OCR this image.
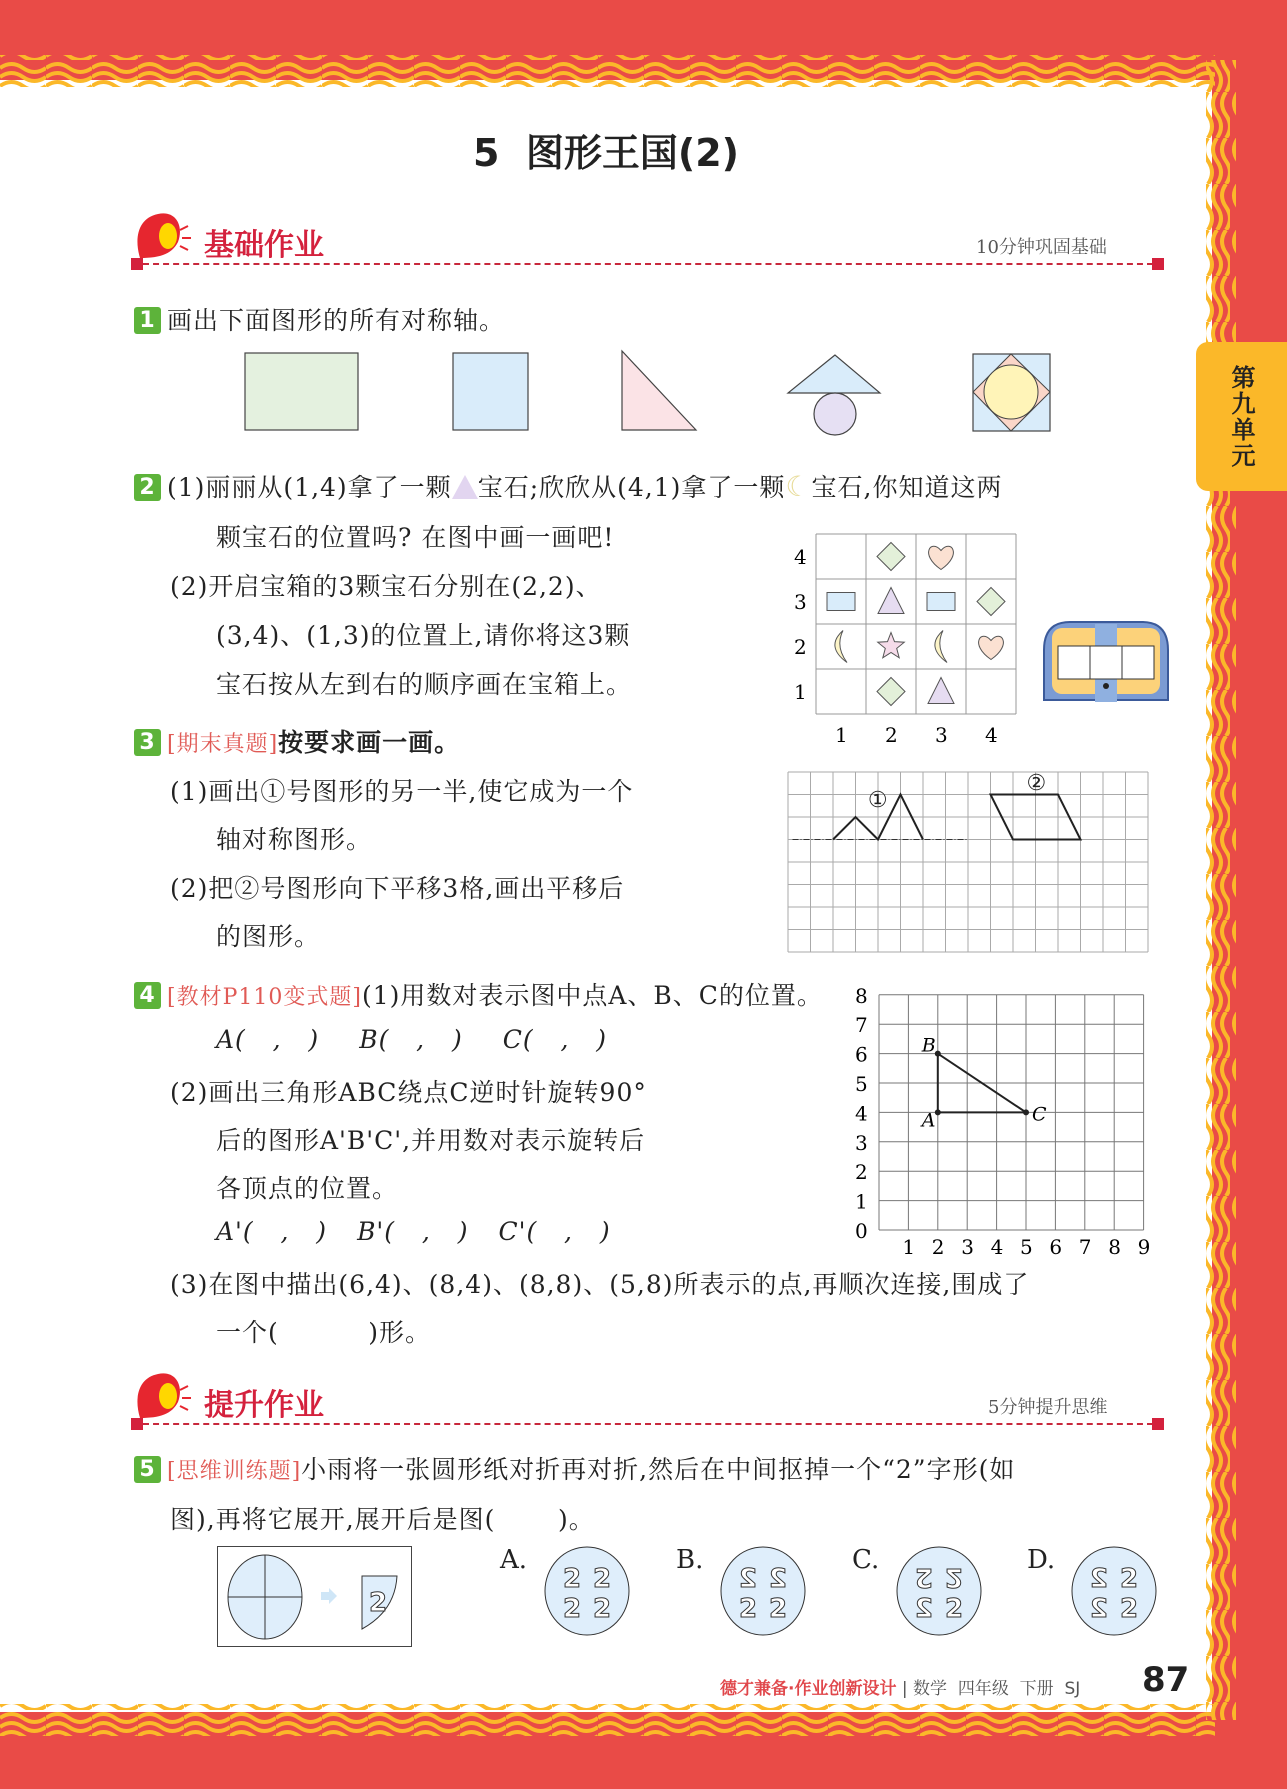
第九单元
5  图形王国(2)
基础作业	10分钟巩固基础
1 画出下面图形的所有对称轴。
2 (1)丽丽从(1,4)拿了一颗 宝石;欣欣从(4,1)拿了一颗☾宝石,你知道这两
颗宝石的位置吗? 在图中画一画吧!
(2)开启宝箱的3颗宝石分别在(2,2)、
(3,4)、(1,3)的位置上,请你将这3颗
宝石按从左到右的顺序画在宝箱上。
4
3
2
1
1 2 3 4
3 [期末真题]按要求画一画。
(1)画出①号图形的另一半,使它成为一个
轴对称图形。
(2)把②号图形向下平移3格,画出平移后
的图形。
①
②
4 [教材P110变式题](1)用数对表示图中点A、B、C的位置。
A(   ,   ) B(   ,   ) C(   ,   )
(2)画出三角形ABC绕点C逆时针旋转90°
后的图形A'B'C',并用数对表示旋转后
各顶点的位置。
A'(   ,   ) B'(   ,   ) C'(   ,   )
(3)在图中描出(6,4)、(8,4)、(8,8)、(5,8)所表示的点,再顺次连接,围成了
一个(          )形。
0
1
2
3
4
5
6
7
8
1 2 3 4 5 6 7 8 9
A
B
C
提升作业	5分钟提升思维
5 [思维训练题]小雨将一张圆形纸对折再对折,然后在中间抠掉一个“2”字形(如
图),再将它展开,展开后是图(       )。
2
A.
2 2
2 2
B.
2 2
2 2
C.
2 2
2 2
D.
2 2
2 2
德才兼备·作业创新设计 | 数学  四年级  下册  SJ 87
